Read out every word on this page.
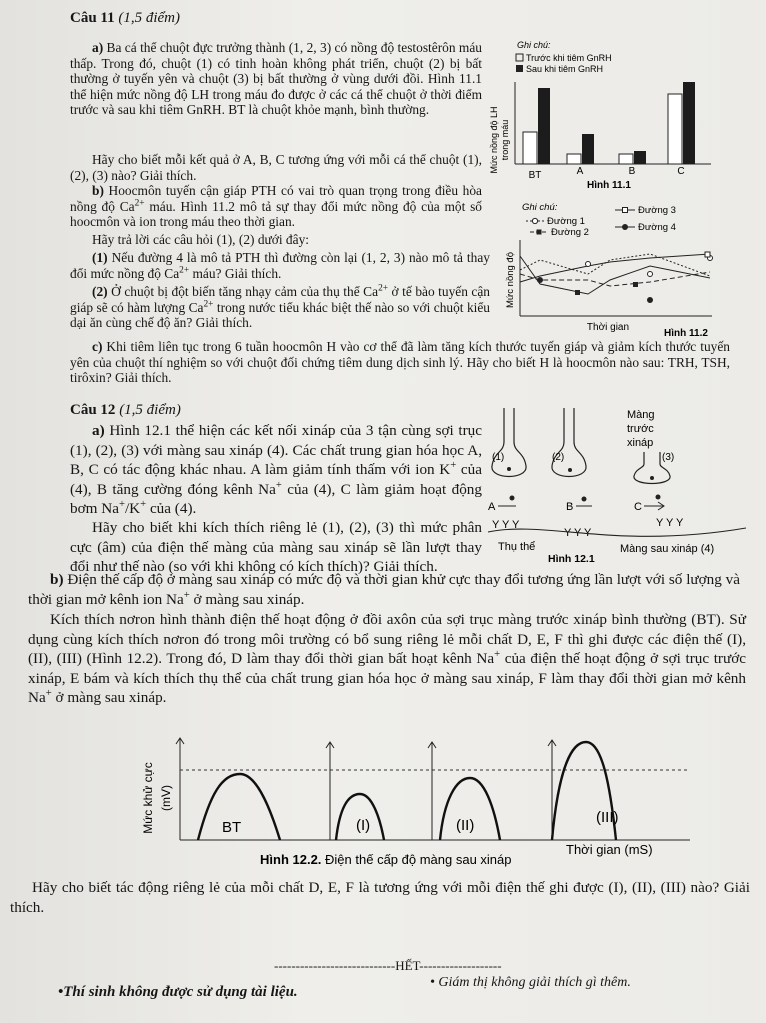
Câu 11 (1,5 điểm)

a) Ba cá thể chuột đực trưởng thành (1, 2, 3) có nồng độ testostêrôn máu thấp. Trong đó, chuột (1) có tinh hoàn không phát triển, chuột (2) bị bất thường ở tuyến yên và chuột (3) bị bất thường ở vùng dưới đồi. Hình 11.1 thể hiện mức nồng độ LH trong máu đo được ở các cá thể chuột ở thời điểm trước và sau khi tiêm GnRH. BT là chuột khỏe mạnh, bình thường.

Hãy cho biết mỗi kết quả ở A, B, C tương ứng với mỗi cá thể chuột (1), (2), (3) nào? Giải thích.

b) Hoocmôn tuyến cận giáp PTH có vai trò quan trọng trong điều hòa nồng độ $Ca^{2+}$ máu. Hình 11.2 mô tả sự thay đổi mức nồng độ của một số hoocmôn và ion trong máu theo thời gian.

Hãy trả lời các câu hỏi (1), (2) dưới đây:

(1) Nếu đường 4 là mô tả PTH thì đường còn lại (1, 2, 3) nào mô tả thay đổi mức nồng độ $Ca^{2+}$ máu? Giải thích.

(2) Ở chuột bị đột biến tăng nhạy cảm của thụ thể $Ca^{2+}$ ở tế bào tuyến cận giáp sẽ có hàm lượng $Ca^{2+}$ trong nước tiểu khác biệt thế nào so với chuột kiểu dại ăn cùng chế độ ăn? Giải thích.

c) Khi tiêm liên tục trong 6 tuần hoocmôn H vào cơ thể đã làm tăng kích thước tuyến giáp và giảm kích thước tuyến yên của chuột thí nghiệm so với chuột đối chứng tiêm dung dịch sinh lý. Hãy cho biết H là hoocmôn nào sau: TRH, TSH, tirôxin? Giải thích.

Ghi chú:
Trước khi tiêm GnRH
Sau khi tiêm GnRH
Mức nồng độ LH trong máu
BT	A	B	C
Hình 11.1
Ghi chú:
Đường 1
Đường 2
Đường 3
Đường 4
Mức nồng độ
Thời gian
Hình 11.2
Câu 12 (1,5 điểm)

a) Hình 12.1 thể hiện các kết nối xináp của 3 tận cùng sợi trục (1), (2), (3) với màng sau xináp (4). Các chất trung gian hóa học A, B, C có tác động khác nhau. A làm giảm tính thấm với ion K+ của (4), B tăng cường đóng kênh Na+ của (4), C làm giảm hoạt động bơm Na+/K+ của (4).

Hãy cho biết khi kích thích riêng lẻ (1), (2), (3) thì mức phân cực (âm) của điện thế màng của màng sau xináp sẽ lần lượt thay đổi như thế nào (so với khi không có kích thích)? Giải thích.

Màng
trước
xináp
(1)	(2)	(3)
A	B	C
Y Y Y
Y Y Y
Y Y Y
Thụ thể	Màng sau xináp (4)
Hình 12.1

b) Điện thế cấp độ ở màng sau xináp có mức độ và thời gian khử cực thay đổi tương ứng lần lượt với số lượng và thời gian mở kênh ion Na+ ở màng sau xináp.

Kích thích nơron hình thành điện thế hoạt động ở đồi axôn của sợi trục màng trước xináp bình thường (BT). Sử dụng cùng kích thích nơron đó trong môi trường có bổ sung riêng lẻ mỗi chất D, E, F thì ghi được các điện thế (I), (II), (III) (Hình 12.2). Trong đó, D làm thay đổi thời gian bất hoạt kênh Na+ của điện thế hoạt động ở sợi trục trước xináp, E bám và kích thích thụ thể của chất trung gian hóa học ở màng sau xináp, F làm thay đổi thời gian mở kênh Na+ ở màng sau xináp.

Mức khử cực (mV)
BT	(I)	(II)	(III)
Thời gian (mS)
Hình 12.2. Điện thế cấp độ màng sau xináp

Hãy cho biết tác động riêng lẻ của mỗi chất D, E, F là tương ứng với mỗi điện thế ghi được (I), (II), (III) nào? Giải thích.

----------------------------HẾT-------------------
•Thí sinh không được sử dụng tài liệu.
• Giám thị không giải thích gì thêm.
